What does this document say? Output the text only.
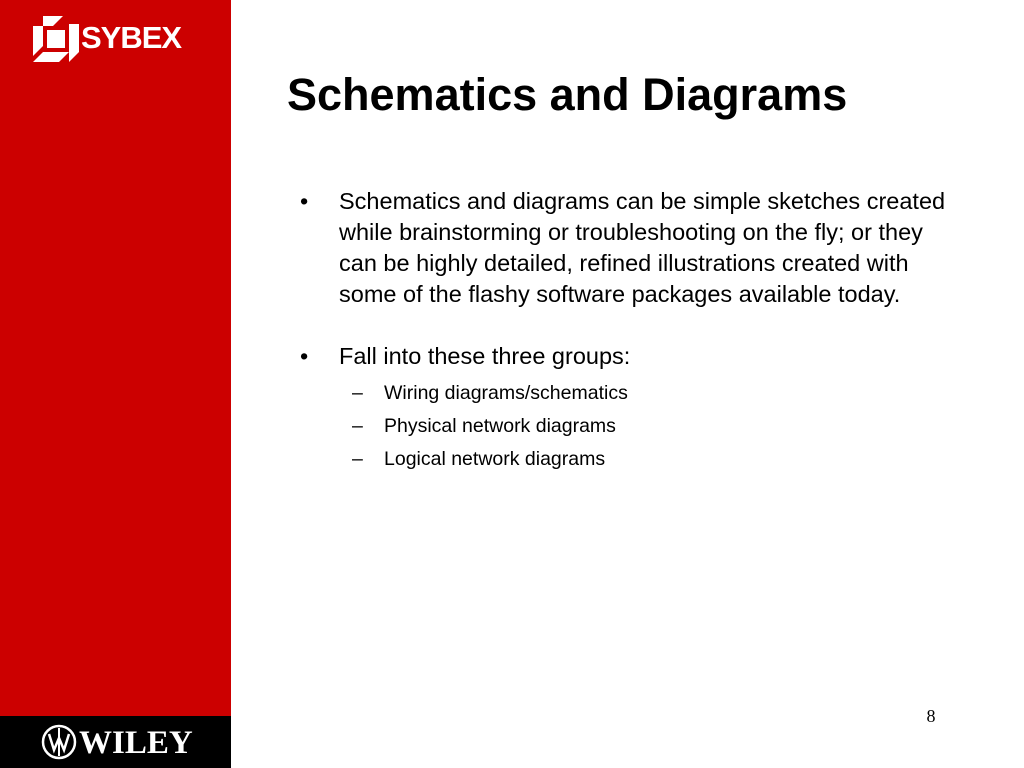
SYBEX
WILEY
Schematics and Diagrams
• Schematics and diagrams can be simple sketches created while brainstorming or troubleshooting on the fly; or they can be highly detailed, refined illustrations created with some of the flashy software packages available today.
• Fall into these three groups:
– Wiring diagrams/schematics
– Physical network diagrams
– Logical network diagrams
8
